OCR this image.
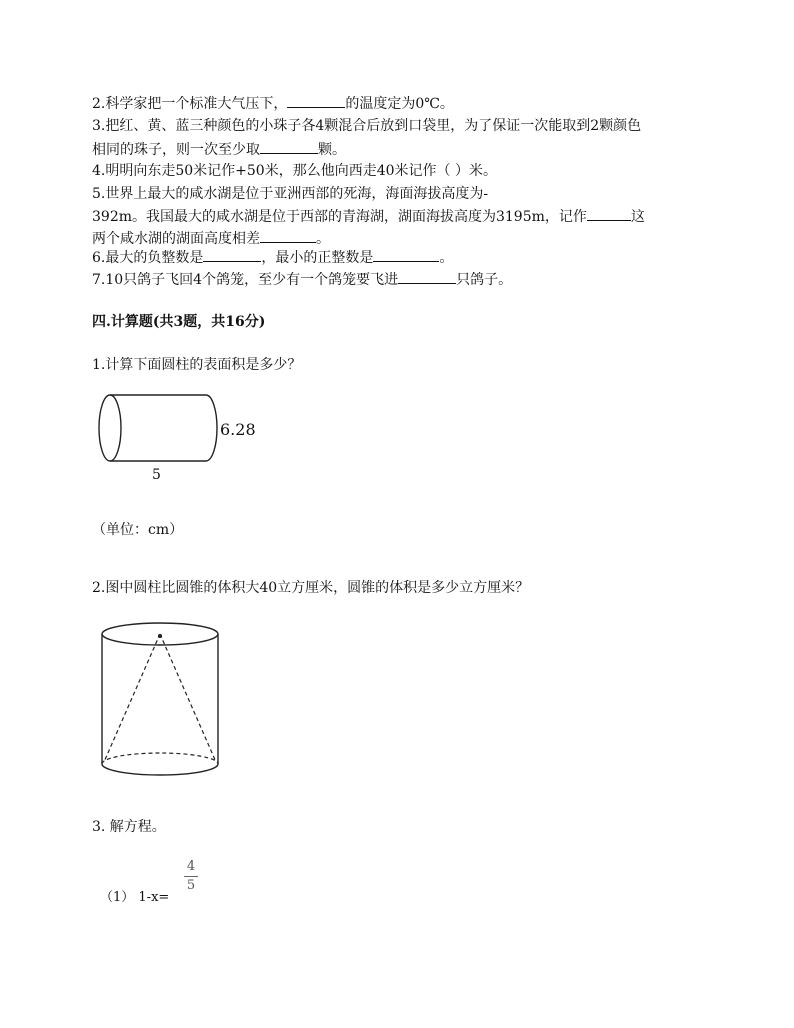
2.科学家把一个标准大气压下，	的温度定为0℃。
3.把红、黄、蓝三种颜色的小珠子各4颗混合后放到口袋里，为了保证一次能取到2颗颜色
相同的珠子，则一次至少取	颗。
4.明明向东走50米记作+50米，那么他向西走40米记作（ ）米。
5.世界上最大的咸水湖是位于亚洲西部的死海，海面海拔高度为-
392m。我国最大的咸水湖是位于西部的青海湖，湖面海拔高度为3195m，记作	这
两个咸水湖的湖面高度相差	。
6.最大的负整数是	，最小的正整数是	。
7.10只鸽子飞回4个鸽笼，至少有一个鸽笼要飞进	只鸽子。
四.计算题(共3题，共16分)
1.计算下面圆柱的表面积是多少？
6.28
5
（单位：cm）
2.图中圆柱比圆锥的体积大40立方厘米，圆锥的体积是多少立方厘米？
3. 解方程。
（1） 1-x=
4
5
